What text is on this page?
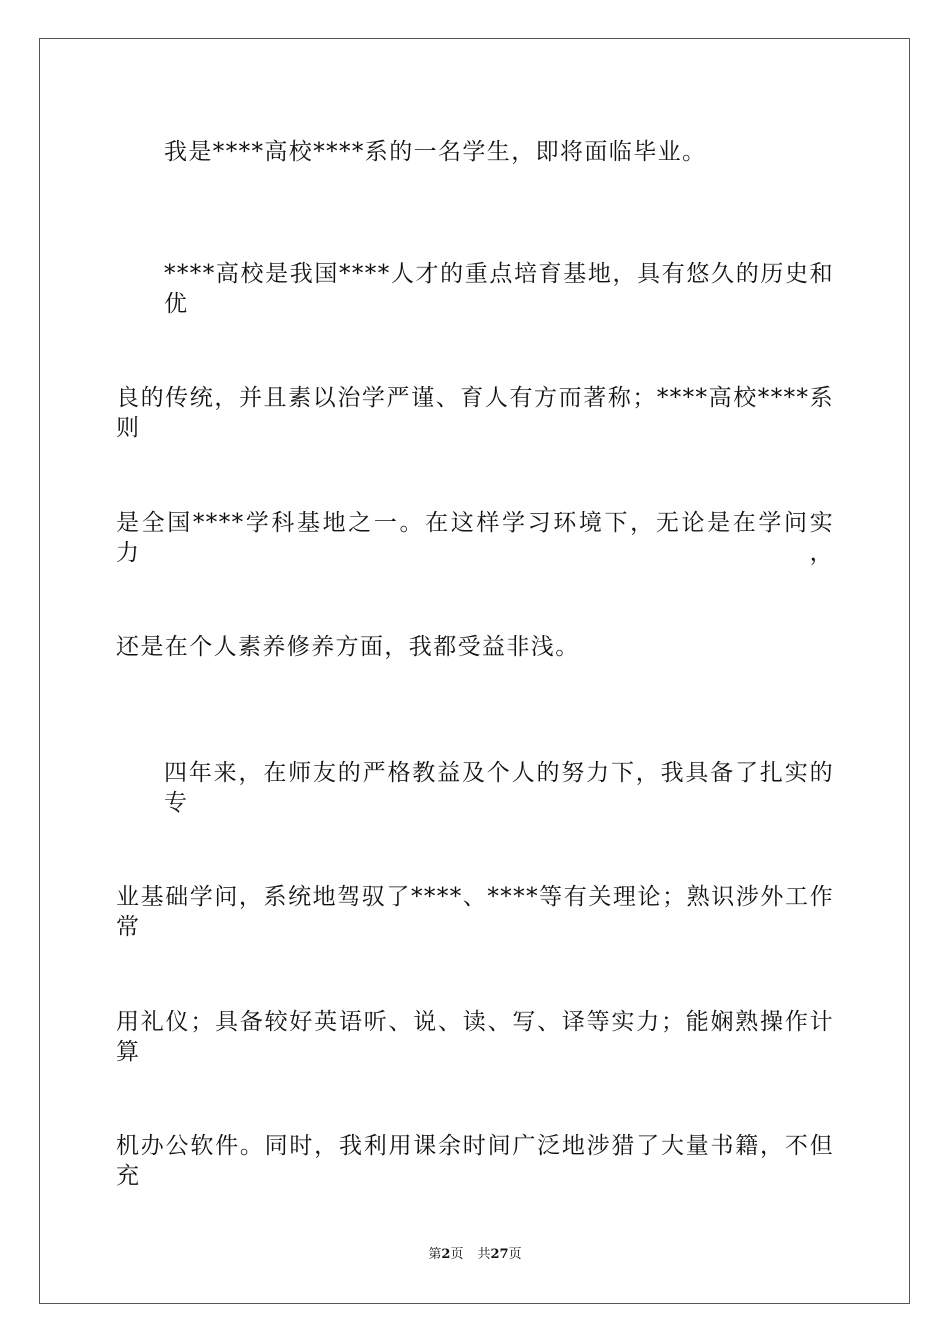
我是****高校****系的一名学生，即将面临毕业。
****高校是我国****人才的重点培育基地，具有悠久的历史和优
良的传统，并且素以治学严谨、育人有方而著称；****高校****系则
是全国****学科基地之一。在这样学习环境下，无论是在学问实力，
还是在个人素养修养方面，我都受益非浅。
四年来，在师友的严格教益及个人的努力下，我具备了扎实的专
业基础学问，系统地驾驭了****、****等有关理论；熟识涉外工作常
用礼仪；具备较好英语听、说、读、写、译等实力；能娴熟操作计算
机办公软件。同时，我利用课余时间广泛地涉猎了大量书籍，不但充
第2页 共27页
